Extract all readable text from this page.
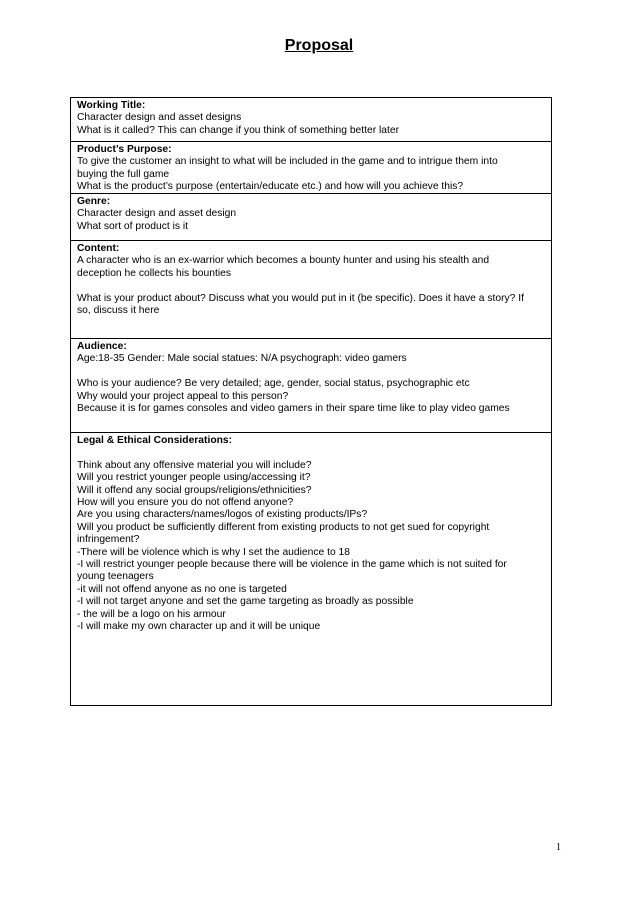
Proposal
Working Title:
Character design and asset designs
What is it called? This can change if you think of something better later
Product’s Purpose:
To give the customer an insight to what will be included in the game and to intrigue them into
buying the full game
What is the product’s purpose (entertain/educate etc.) and how will you achieve this?
Genre:
Character design and asset design
What sort of product is it
Content:
A character who is an ex-warrior which becomes a bounty hunter and using his stealth and
deception he collects his bounties
What is your product about? Discuss what you would put in it (be specific). Does it have a story? If
so, discuss it here
Audience:
Age:18-35 Gender: Male social statues: N/A psychograph: video gamers
Who is your audience? Be very detailed; age, gender, social status, psychographic etc
Why would your project appeal to this person?
Because it is for games consoles and video gamers in their spare time like to play video games
Legal & Ethical Considerations:
Think about any offensive material you will include?
Will you restrict younger people using/accessing it?
Will it offend any social groups/religions/ethnicities?
How will you ensure you do not offend anyone?
Are you using characters/names/logos of existing products/IPs?
Will you product be sufficiently different from existing products to not get sued for copyright
infringement?
-There will be violence which is why I set the audience to 18
-I will restrict younger people because there will be violence in the game which is not suited for
young teenagers
-it will not offend anyone as no one is targeted
-I will not target anyone and set the game targeting as broadly as possible
- the will be a logo on his armour
-I will make my own character up and it will be unique
1
